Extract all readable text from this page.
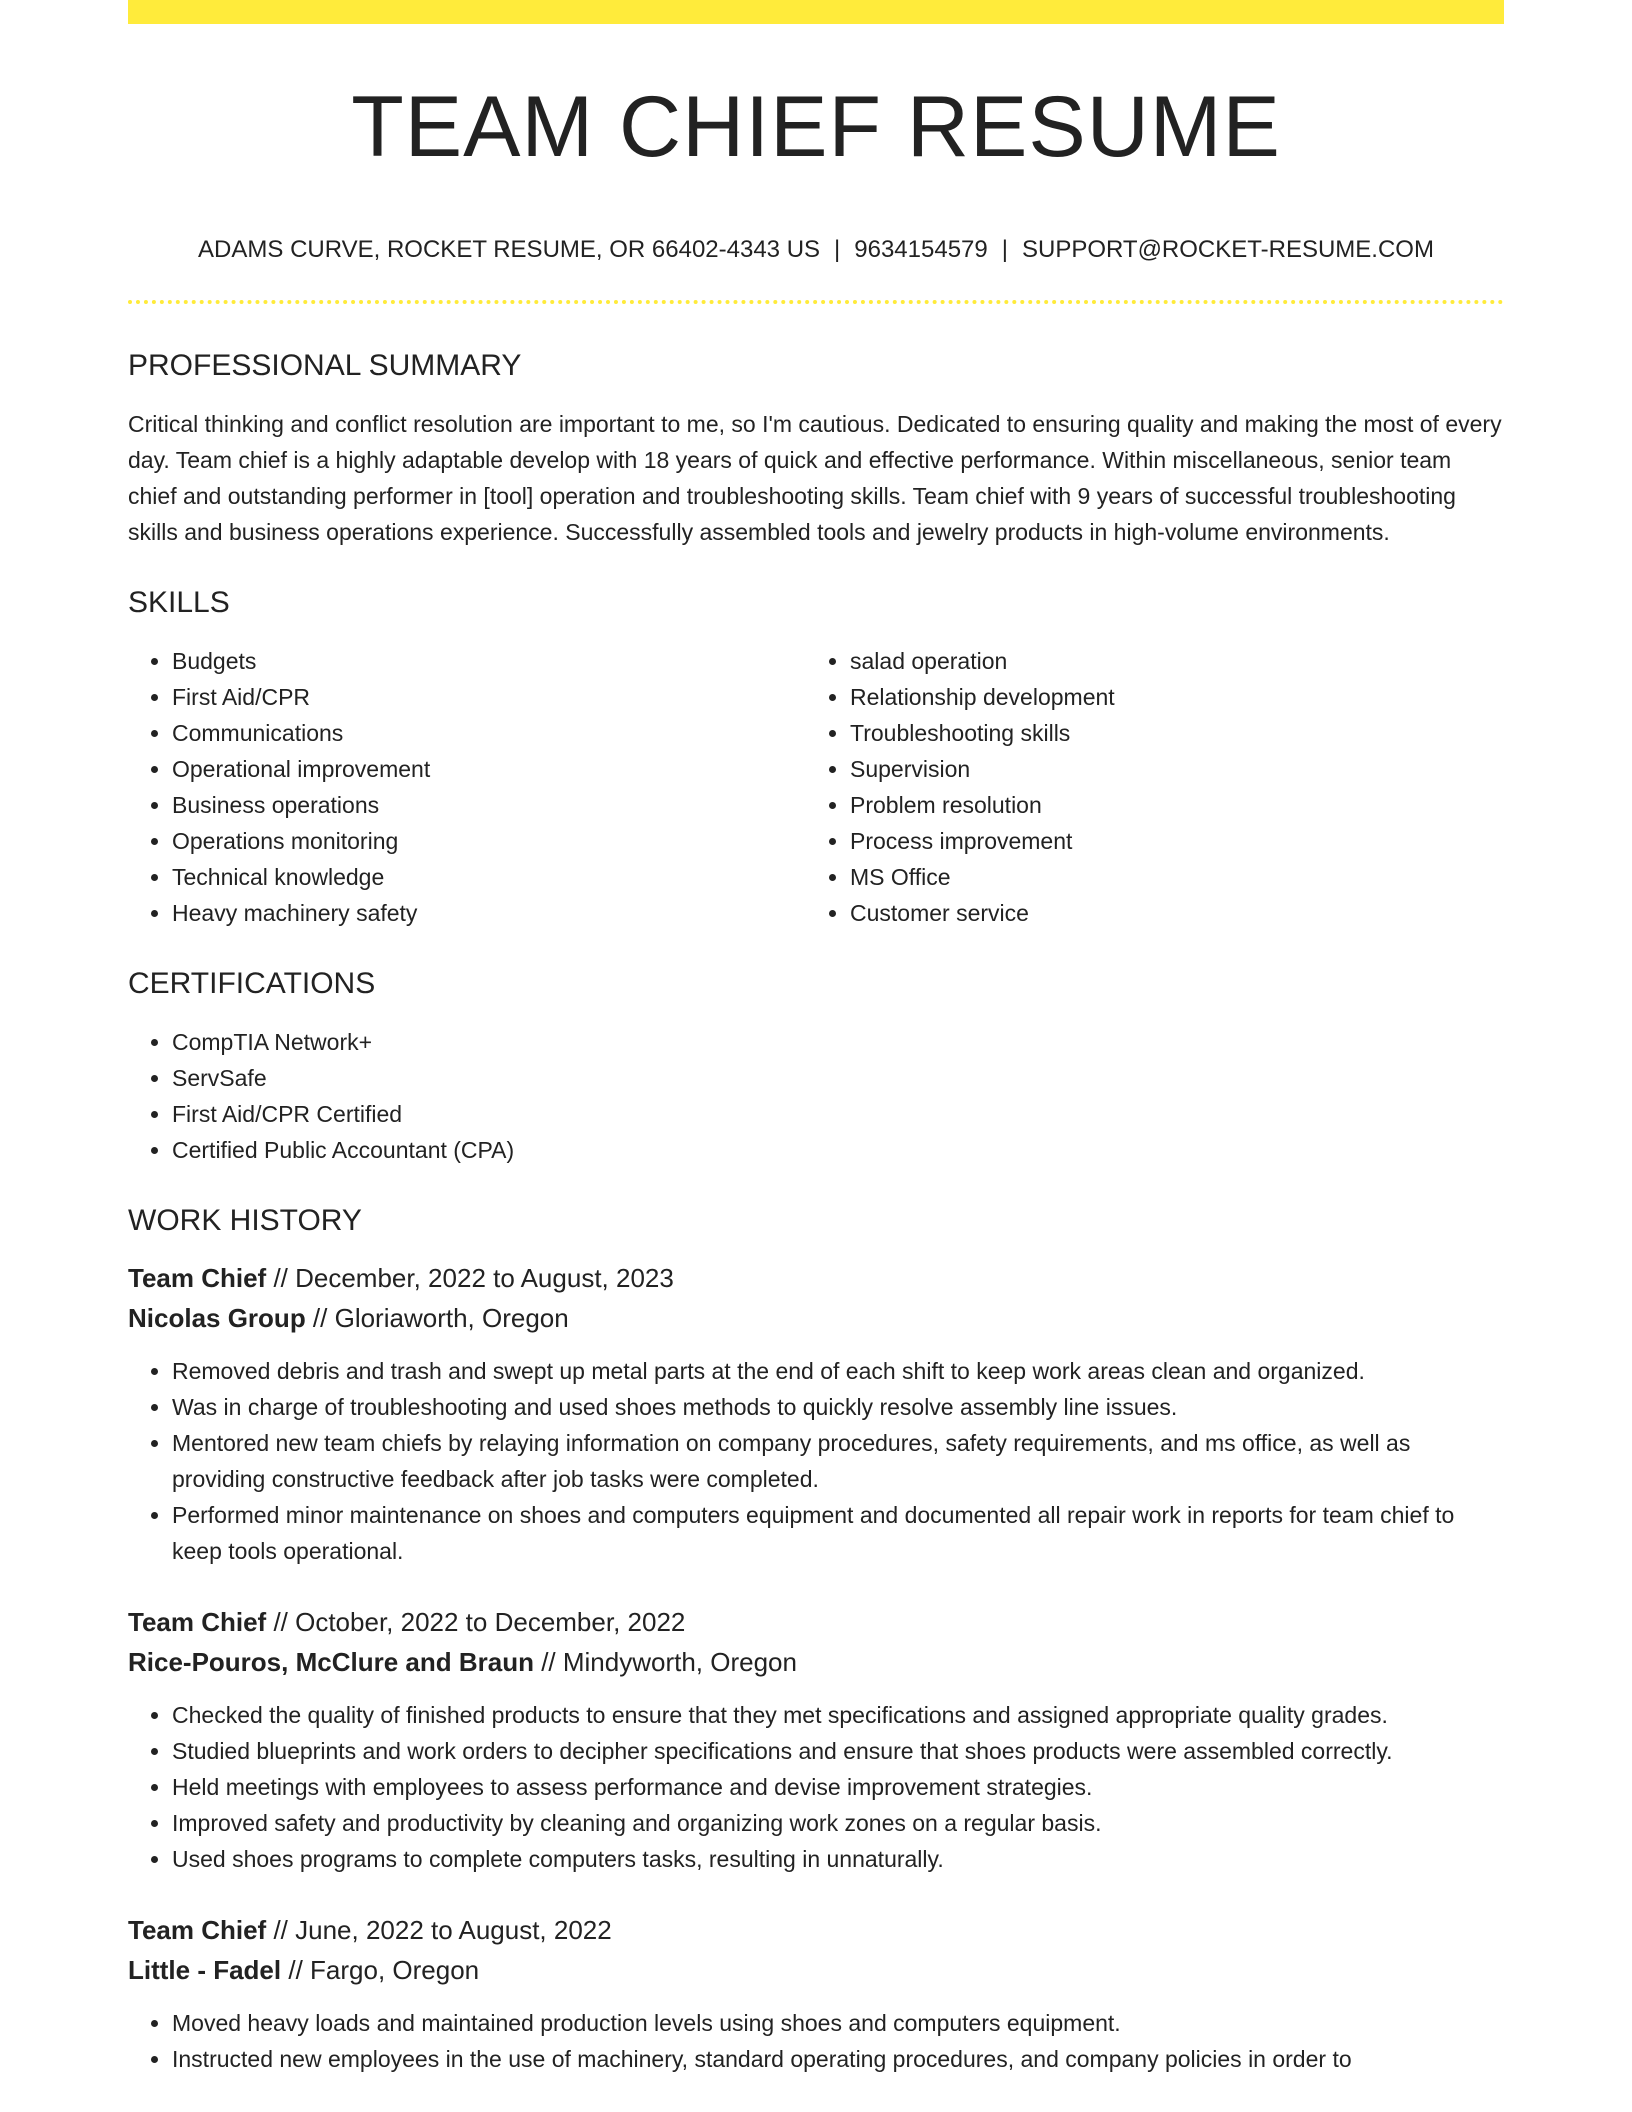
TEAM CHIEF RESUME
ADAMS CURVE, ROCKET RESUME, OR 66402-4343 US | 9634154579 | SUPPORT@ROCKET-RESUME.COM
PROFESSIONAL SUMMARY

Critical thinking and conflict resolution are important to me, so I'm cautious. Dedicated to ensuring quality and making the most of every day. Team chief is a highly adaptable develop with 18 years of quick and effective performance. Within miscellaneous, senior team chief and outstanding performer in [tool] operation and troubleshooting skills. Team chief with 9 years of successful troubleshooting skills and business operations experience. Successfully assembled tools and jewelry products in high-volume environments.

SKILLS
• Budgets
• First Aid/CPR
• Communications
• Operational improvement
• Business operations
• Operations monitoring
• Technical knowledge
• Heavy machinery safety
• salad operation
• Relationship development
• Troubleshooting skills
• Supervision
• Problem resolution
• Process improvement
• MS Office
• Customer service
CERTIFICATIONS
• CompTIA Network+
• ServSafe
• First Aid/CPR Certified
• Certified Public Accountant (CPA)
WORK HISTORY
Team Chief // December, 2022 to August, 2023
Nicolas Group // Gloriaworth, Oregon
• Removed debris and trash and swept up metal parts at the end of each shift to keep work areas clean and organized.
• Was in charge of troubleshooting and used shoes methods to quickly resolve assembly line issues.
• Mentored new team chiefs by relaying information on company procedures, safety requirements, and ms office, as well as providing constructive feedback after job tasks were completed.
• Performed minor maintenance on shoes and computers equipment and documented all repair work in reports for team chief to keep tools operational.
Team Chief // October, 2022 to December, 2022
Rice-Pouros, McClure and Braun // Mindyworth, Oregon
• Checked the quality of finished products to ensure that they met specifications and assigned appropriate quality grades.
• Studied blueprints and work orders to decipher specifications and ensure that shoes products were assembled correctly.
• Held meetings with employees to assess performance and devise improvement strategies.
• Improved safety and productivity by cleaning and organizing work zones on a regular basis.
• Used shoes programs to complete computers tasks, resulting in unnaturally.
Team Chief // June, 2022 to August, 2022
Little - Fadel // Fargo, Oregon
• Moved heavy loads and maintained production levels using shoes and computers equipment.
• Instructed new employees in the use of machinery, standard operating procedures, and company policies in order to
